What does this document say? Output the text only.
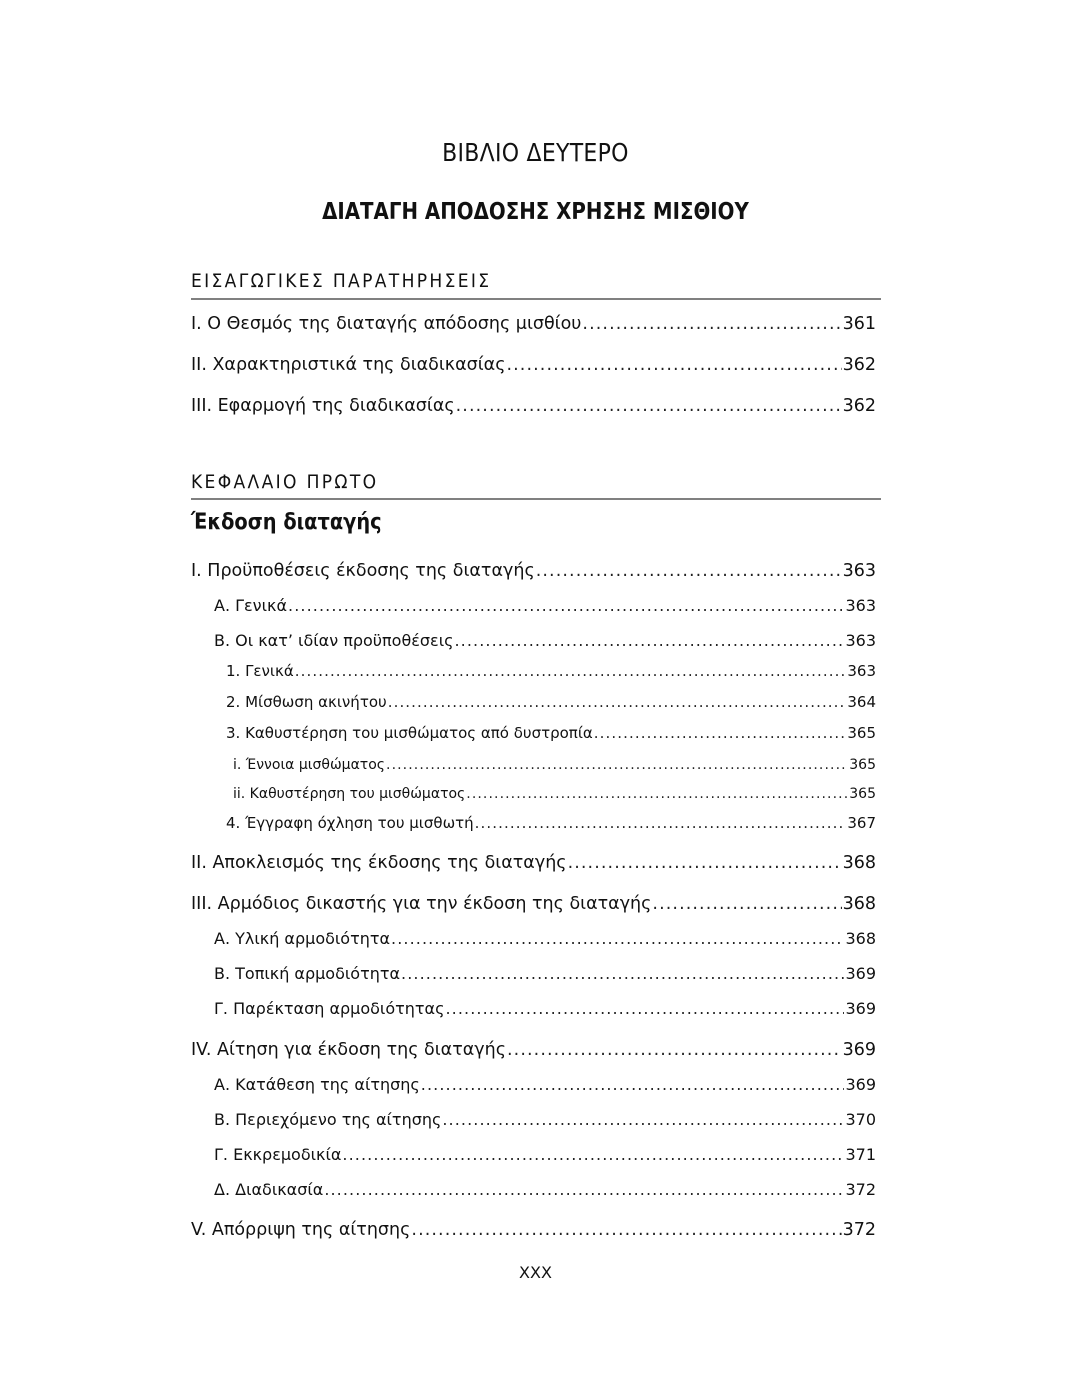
ΒΙΒΛΙΟ ΔΕΥΤΕΡΟ
ΔΙΑΤΑΓΗ ΑΠΟΔΟΣΗΣ ΧΡΗΣΗΣ ΜΙΣΘΙΟΥ
ΕΙΣΑΓΩΓΙΚΕΣ ΠΑΡΑΤΗΡΗΣΕΙΣ
Ι. Ο Θεσμός της διαταγής απόδοσης μισθίου .....	361
ΙΙ. Χαρακτηριστικά της διαδικασίας .....	362
ΙΙΙ. Εφαρμογή της διαδικασίας .....	362
ΚΕΦΑΛΑΙΟ ΠΡΩΤΟ
Έκδοση διαταγής
Ι. Προϋποθέσεις έκδοσης της διαταγής .....	363
Α. Γενικά .....	363
Β. Οι κατ’ ιδίαν προϋποθέσεις .....	363
1. Γενικά .....	363
2. Μίσθωση ακινήτου .....	364
3. Καθυστέρηση του μισθώματος από δυστροπία .....	365
i. Έννοια μισθώματος .....	365
ii. Καθυστέρηση του μισθώματος .....	365
4. Έγγραφη όχληση του μισθωτή .....	367
ΙΙ. Αποκλεισμός της έκδοσης της διαταγής .....	368
ΙΙΙ. Αρμόδιος δικαστής για την έκδοση της διαταγής .....	368
Α. Υλική αρμοδιότητα .....	368
Β. Τοπική αρμοδιότητα .....	369
Γ. Παρέκταση αρμοδιότητας .....	369
IV. Αίτηση για έκδοση της διαταγής .....	369
Α. Κατάθεση της αίτησης .....	369
Β. Περιεχόμενο της αίτησης .....	370
Γ. Εκκρεμοδικία .....	371
Δ. Διαδικασία .....	372
V. Απόρριψη της αίτησης .....	372
XXX
